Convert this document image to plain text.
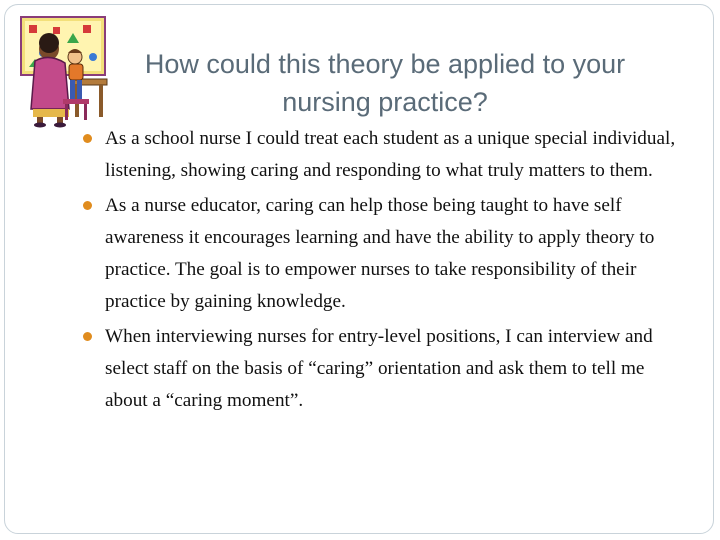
How could this theory be applied to your nursing practice?
As a school nurse I could treat each student as a unique special individual, listening, showing caring and responding to what truly matters to them.
As a nurse educator, caring can help those being taught to have self awareness it encourages learning and have the ability to apply theory to practice. The goal is to empower nurses to take responsibility of their practice by gaining knowledge.
When interviewing nurses for entry-level positions, I can interview and select staff on the basis of “caring” orientation and ask them to tell me about a “caring moment”.
